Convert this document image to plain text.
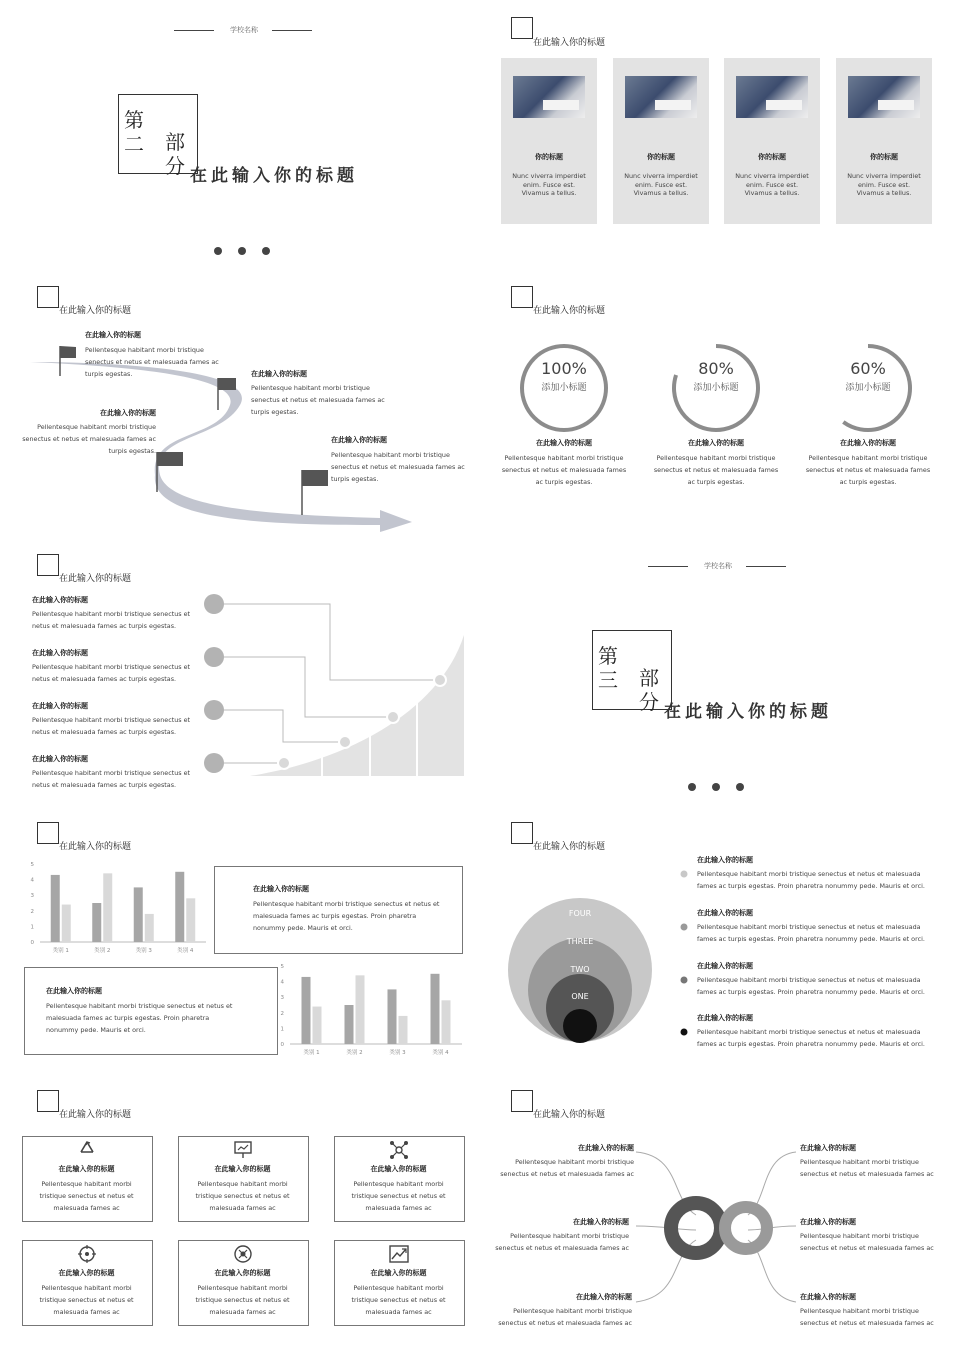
学校名称
第
二 部
分 在此输入你的标题
在此输入你的标题
你的标题
Nunc viverra imperdiet enim. Fusce est. Vivamus a tellus.
你的标题
Nunc viverra imperdiet enim. Fusce est. Vivamus a tellus.
你的标题
Nunc viverra imperdiet enim. Fusce est. Vivamus a tellus.
你的标题
Nunc viverra imperdiet enim. Fusce est. Vivamus a tellus.
在此输入你的标题
在此输入你的标题
Pellentesque habitant morbi tristique senectus et netus et malesuada fames ac turpis egestas.	在此输入你的标题
Pellentesque habitant morbi tristique senectus et netus et malesuada fames ac turpis egestas.
在此输入你的标题
Pellentesque habitant morbi tristique senectus et netus et malesuada fames ac turpis egestas.
在此输入你的标题
Pellentesque habitant morbi tristique senectus et netus et malesuada fames ac turpis egestas.
在此输入你的标题
100%
添加小标题
80%
添加小标题
60%
添加小标题
在此输入你的标题
Pellentesque habitant morbi tristique senectus et netus et malesuada fames ac turpis egestas.
在此输入你的标题
Pellentesque habitant morbi tristique senectus et netus et malesuada fames ac turpis egestas.
在此输入你的标题
Pellentesque habitant morbi tristique senectus et netus et malesuada fames ac turpis egestas.
在此输入你的标题
在此输入你的标题
Pellentesque habitant morbi tristique senectus et netus et malesuada fames ac turpis egestas.
在此输入你的标题
Pellentesque habitant morbi tristique senectus et netus et malesuada fames ac turpis egestas.
在此输入你的标题
Pellentesque habitant morbi tristique senectus et netus et malesuada fames ac turpis egestas.
在此输入你的标题
Pellentesque habitant morbi tristique senectus et netus et malesuada fames ac turpis egestas.
学校名称
第
三 部
分 在此输入你的标题
在此输入你的标题
0
1
2
3
4
5
类别 1	类别 2	类别 3	类别 4
在此输入你的标题
Pellentesque habitant morbi tristique senectus et netus et malesuada fames ac turpis egestas. Proin pharetra nonummy pede. Mauris et orci.
在此输入你的标题
Pellentesque habitant morbi tristique senectus et netus et malesuada fames ac turpis egestas. Proin pharetra nonummy pede. Mauris et orci.
0
1
2
3
4
5
类别 1	类别 2	类别 3	类别 4
在此输入你的标题
FOUR
THREE
TWO
ONE
在此输入你的标题
Pellentesque habitant morbi tristique senectus et netus et malesuada fames ac turpis egestas. Proin pharetra nonummy pede. Mauris et orci.
在此输入你的标题
Pellentesque habitant morbi tristique senectus et netus et malesuada fames ac turpis egestas. Proin pharetra nonummy pede. Mauris et orci.
在此输入你的标题
Pellentesque habitant morbi tristique senectus et netus et malesuada fames ac turpis egestas. Proin pharetra nonummy pede. Mauris et orci.
在此输入你的标题
Pellentesque habitant morbi tristique senectus et netus et malesuada fames ac turpis egestas. Proin pharetra nonummy pede. Mauris et orci.
在此输入你的标题
在此输入你的标题
Pellentesque habitant morbi tristique senectus et netus et malesuada fames ac
在此输入你的标题
Pellentesque habitant morbi tristique senectus et netus et malesuada fames ac
在此输入你的标题
Pellentesque habitant morbi tristique senectus et netus et malesuada fames ac
在此输入你的标题
Pellentesque habitant morbi tristique senectus et netus et malesuada fames ac
在此输入你的标题
Pellentesque habitant morbi tristique senectus et netus et malesuada fames ac
在此输入你的标题
Pellentesque habitant morbi tristique senectus et netus et malesuada fames ac
在此输入你的标题
在此输入你的标题
Pellentesque habitant morbi tristique senectus et netus et malesuada fames ac
在此输入你的标题
Pellentesque habitant morbi tristique senectus et netus et malesuada fames ac
在此输入你的标题
Pellentesque habitant morbi tristique senectus et netus et malesuada fames ac
在此输入你的标题
Pellentesque habitant morbi tristique senectus et netus et malesuada fames ac
在此输入你的标题
Pellentesque habitant morbi tristique senectus et netus et malesuada fames ac
在此输入你的标题
Pellentesque habitant morbi tristique senectus et netus et malesuada fames ac
